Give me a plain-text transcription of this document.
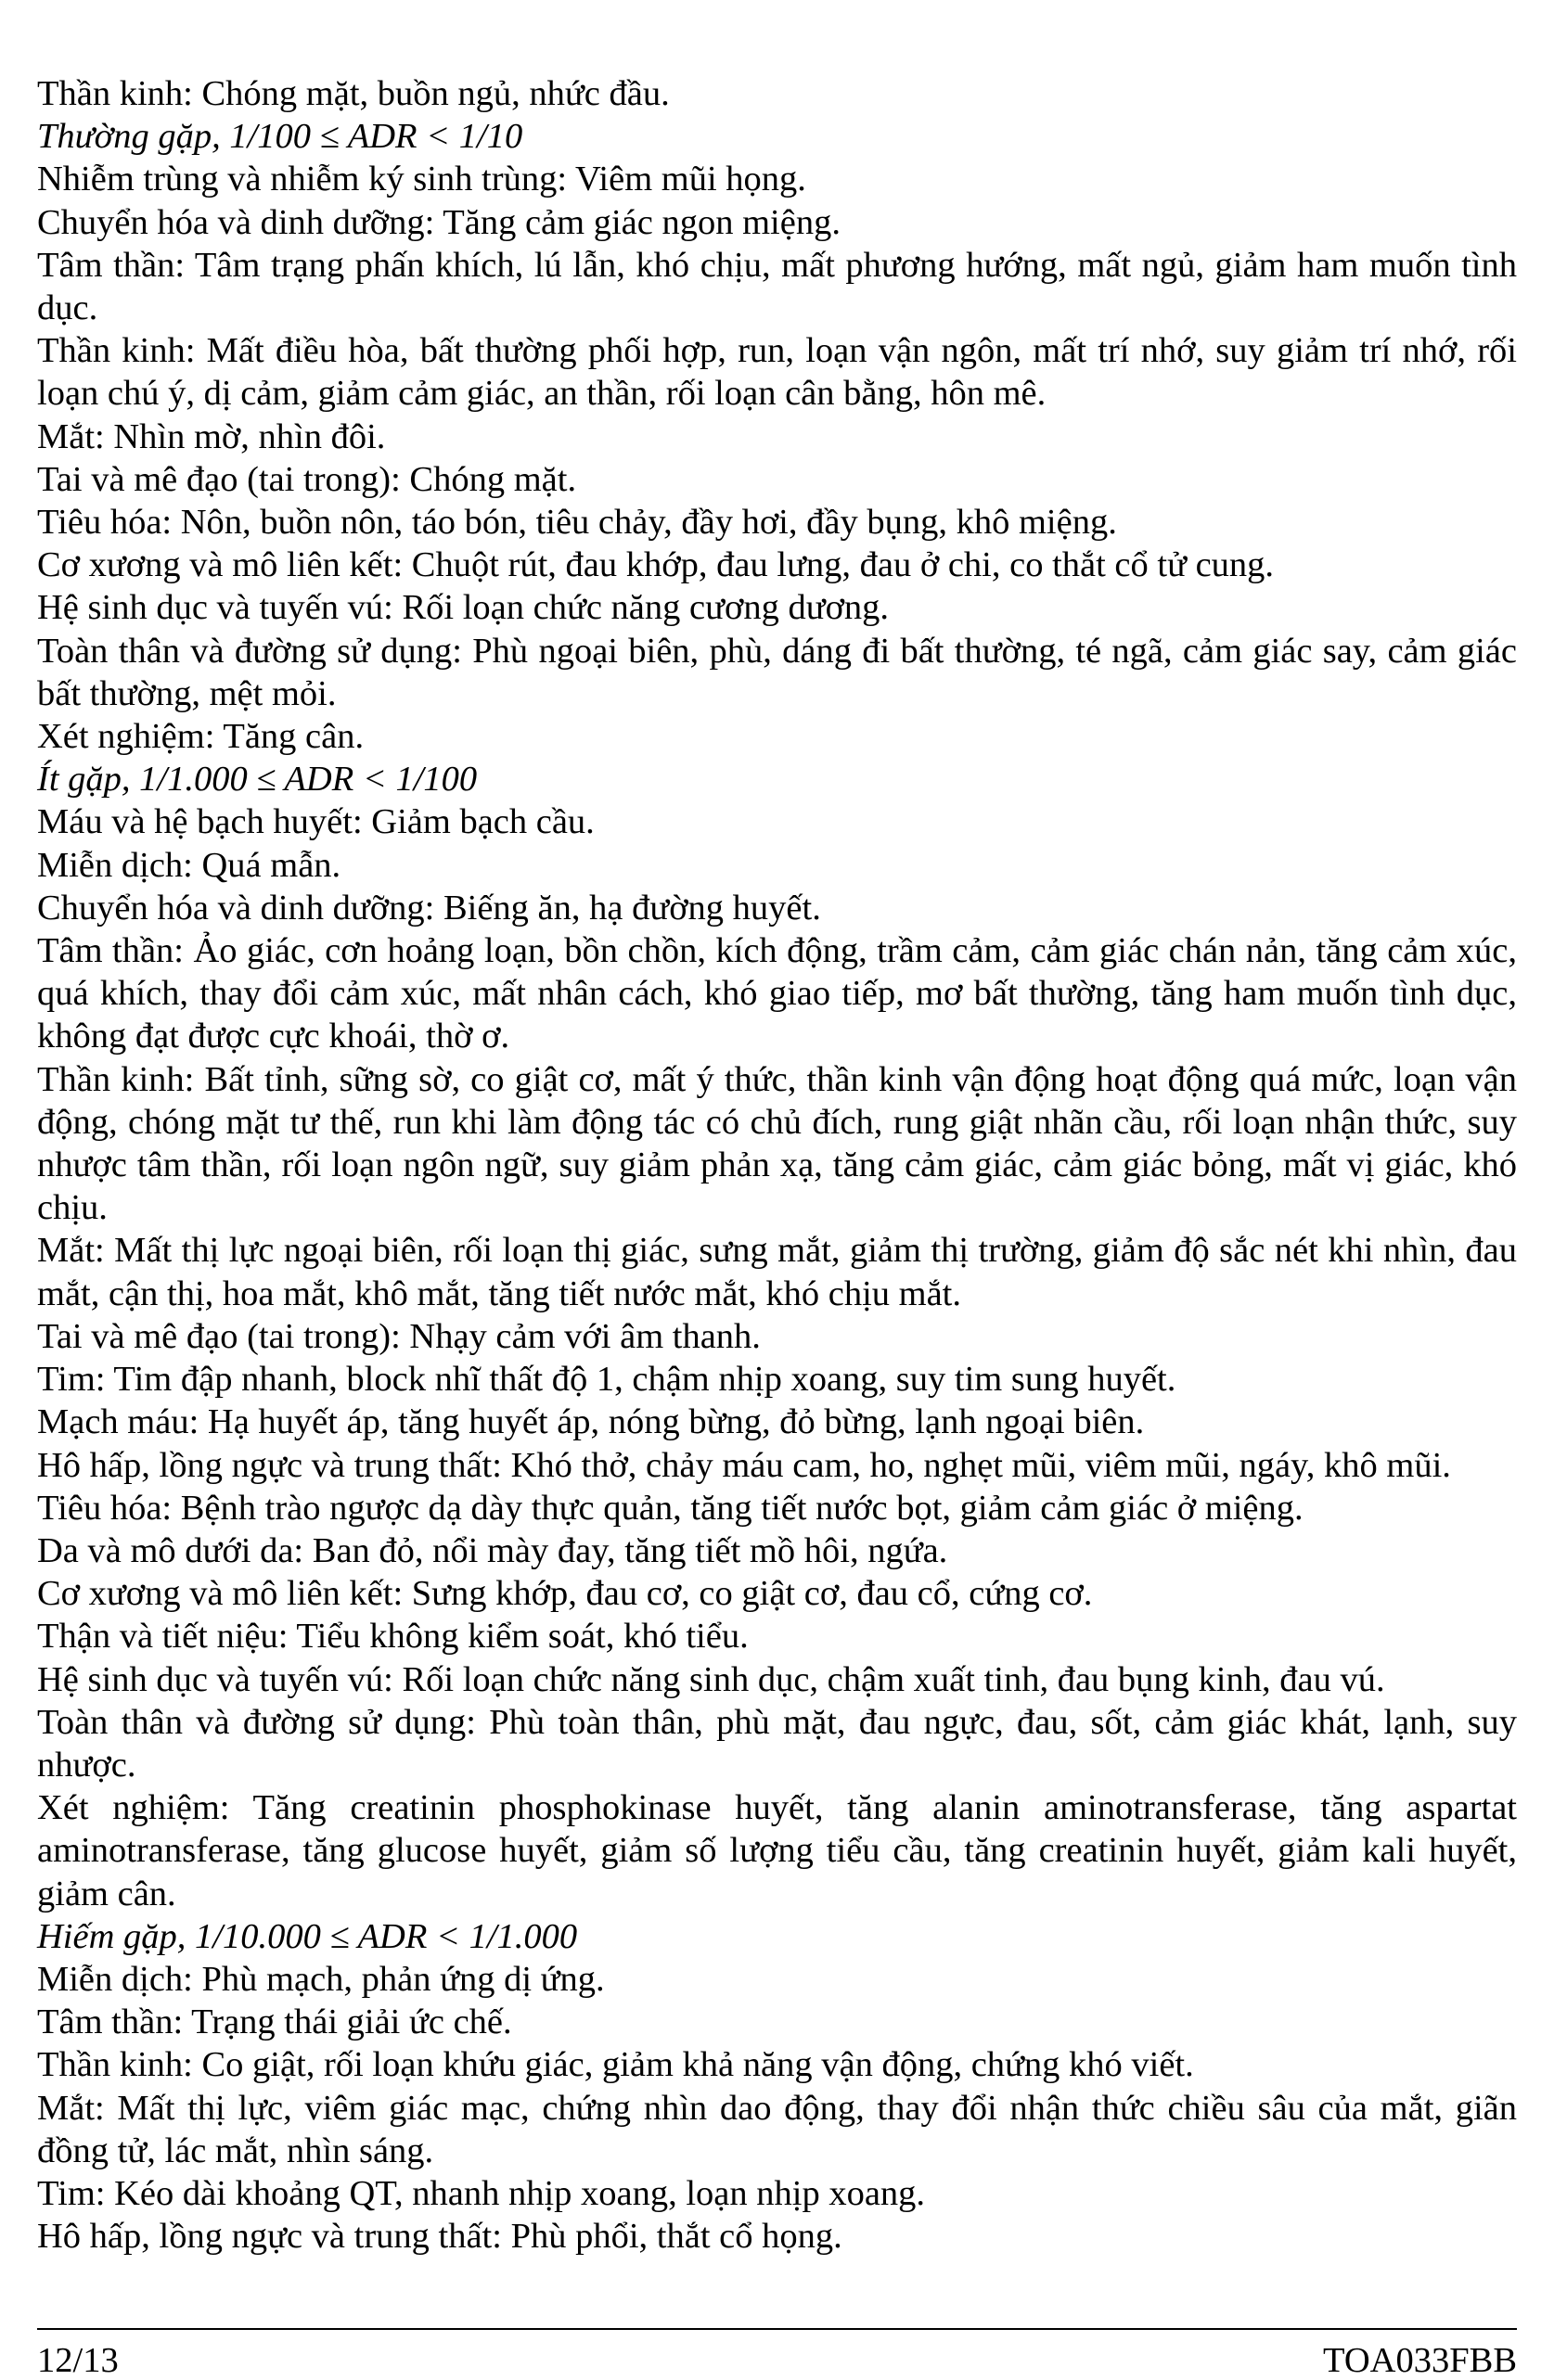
Thần kinh: Chóng mặt, buồn ngủ, nhức đầu.

Thường gặp, 1/100 ≤ ADR < 1/10

Nhiễm trùng và nhiễm ký sinh trùng: Viêm mũi họng.

Chuyển hóa và dinh dưỡng: Tăng cảm giác ngon miệng.

Tâm thần: Tâm trạng phấn khích, lú lẫn, khó chịu, mất phương hướng, mất ngủ, giảm ham muốn tình dục.

Thần kinh: Mất điều hòa, bất thường phối hợp, run, loạn vận ngôn, mất trí nhớ, suy giảm trí nhớ, rối loạn chú ý, dị cảm, giảm cảm giác, an thần, rối loạn cân bằng, hôn mê.

Mắt: Nhìn mờ, nhìn đôi.

Tai và mê đạo (tai trong): Chóng mặt.

Tiêu hóa: Nôn, buồn nôn, táo bón, tiêu chảy, đầy hơi, đầy bụng, khô miệng.

Cơ xương và mô liên kết: Chuột rút, đau khớp, đau lưng, đau ở chi, co thắt cổ tử cung.

Hệ sinh dục và tuyến vú: Rối loạn chức năng cương dương.

Toàn thân và đường sử dụng: Phù ngoại biên, phù, dáng đi bất thường, té ngã, cảm giác say, cảm giác bất thường, mệt mỏi.

Xét nghiệm: Tăng cân.

Ít gặp, 1/1.000 ≤ ADR < 1/100

Máu và hệ bạch huyết: Giảm bạch cầu.

Miễn dịch: Quá mẫn.

Chuyển hóa và dinh dưỡng: Biếng ăn, hạ đường huyết.

Tâm thần: Ảo giác, cơn hoảng loạn, bồn chồn, kích động, trầm cảm, cảm giác chán nản, tăng cảm xúc, quá khích, thay đổi cảm xúc, mất nhân cách, khó giao tiếp, mơ bất thường, tăng ham muốn tình dục, không đạt được cực khoái, thờ ơ.

Thần kinh: Bất tỉnh, sững sờ, co giật cơ, mất ý thức, thần kinh vận động hoạt động quá mức, loạn vận động, chóng mặt tư thế, run khi làm động tác có chủ đích, rung giật nhãn cầu, rối loạn nhận thức, suy nhược tâm thần, rối loạn ngôn ngữ, suy giảm phản xạ, tăng cảm giác, cảm giác bỏng, mất vị giác, khó chịu.

Mắt: Mất thị lực ngoại biên, rối loạn thị giác, sưng mắt, giảm thị trường, giảm độ sắc nét khi nhìn, đau mắt, cận thị, hoa mắt, khô mắt, tăng tiết nước mắt, khó chịu mắt.

Tai và mê đạo (tai trong): Nhạy cảm với âm thanh.

Tim: Tim đập nhanh, block nhĩ thất độ 1, chậm nhịp xoang, suy tim sung huyết.

Mạch máu: Hạ huyết áp, tăng huyết áp, nóng bừng, đỏ bừng, lạnh ngoại biên.

Hô hấp, lồng ngực và trung thất: Khó thở, chảy máu cam, ho, nghẹt mũi, viêm mũi, ngáy, khô mũi.

Tiêu hóa: Bệnh trào ngược dạ dày thực quản, tăng tiết nước bọt, giảm cảm giác ở miệng.

Da và mô dưới da: Ban đỏ, nổi mày đay, tăng tiết mồ hôi, ngứa.

Cơ xương và mô liên kết: Sưng khớp, đau cơ, co giật cơ, đau cổ, cứng cơ.

Thận và tiết niệu: Tiểu không kiểm soát, khó tiểu.

Hệ sinh dục và tuyến vú: Rối loạn chức năng sinh dục, chậm xuất tinh, đau bụng kinh, đau vú.

Toàn thân và đường sử dụng: Phù toàn thân, phù mặt, đau ngực, đau, sốt, cảm giác khát, lạnh, suy nhược.

Xét nghiệm: Tăng creatinin phosphokinase huyết, tăng alanin aminotransferase, tăng aspartat aminotransferase, tăng glucose huyết, giảm số lượng tiểu cầu, tăng creatinin huyết, giảm kali huyết, giảm cân.

Hiếm gặp, 1/10.000 ≤ ADR < 1/1.000

Miễn dịch: Phù mạch, phản ứng dị ứng.

Tâm thần: Trạng thái giải ức chế.

Thần kinh: Co giật, rối loạn khứu giác, giảm khả năng vận động, chứng khó viết.

Mắt: Mất thị lực, viêm giác mạc, chứng nhìn dao động, thay đổi nhận thức chiều sâu của mắt, giãn đồng tử, lác mắt, nhìn sáng.

Tim: Kéo dài khoảng QT, nhanh nhịp xoang, loạn nhịp xoang.

Hô hấp, lồng ngực và trung thất: Phù phổi, thắt cổ họng.

12/13	TOA033FBB
